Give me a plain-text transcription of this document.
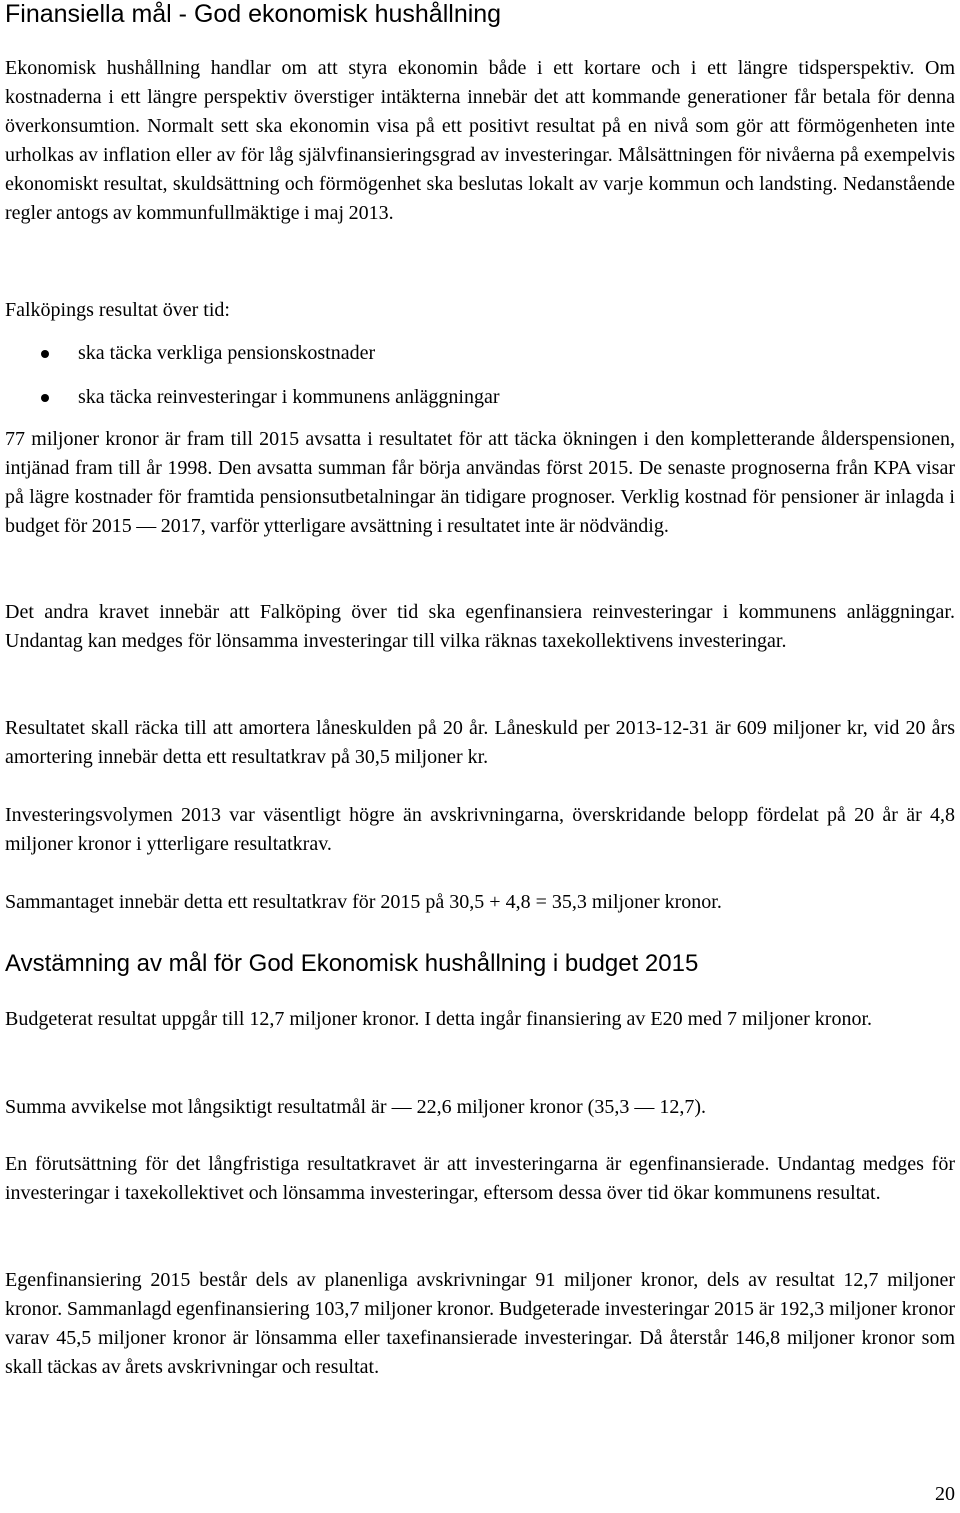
Finansiella mål - God ekonomisk hushållning

Ekonomisk hushållning handlar om att styra ekonomin både i ett kortare och i ett längre tidsperspektiv. Om kostnaderna i ett längre perspektiv överstiger intäkterna innebär det att kommande generationer får betala för denna överkonsumtion. Normalt sett ska ekonomin visa på ett positivt resultat på en nivå som gör att förmögenheten inte urholkas av inflation eller av för låg självfinansieringsgrad av investeringar. Målsättningen för nivåerna på exempelvis ekonomiskt resultat, skuldsättning och förmögenhet ska beslutas lokalt av varje kommun och landsting. Nedanstående regler antogs av kommunfullmäktige i maj 2013.

Falköpings resultat över tid:

ska täcka verkliga pensionskostnader
ska täcka reinvesteringar i kommunens anläggningar

77 miljoner kronor är fram till 2015 avsatta i resultatet för att täcka ökningen i den kompletterande ålderspensionen, intjänad fram till år 1998. Den avsatta summan får börja användas först 2015. De senaste prognoserna från KPA visar på lägre kostnader för framtida pensionsutbetalningar än tidigare prognoser. Verklig kostnad för pensioner är inlagda i budget för 2015 — 2017, varför ytterligare avsättning i resultatet inte är nödvändig.

Det andra kravet innebär att Falköping över tid ska egenfinansiera reinvesteringar i kommunens anläggningar. Undantag kan medges för lönsamma investeringar till vilka räknas taxekollektivens investeringar.

Resultatet skall räcka till att amortera låneskulden på 20 år. Låneskuld per 2013-12-31 är 609 miljoner kr, vid 20 års amortering innebär detta ett resultatkrav på 30,5 miljoner kr.

Investeringsvolymen 2013 var väsentligt högre än avskrivningarna, överskridande belopp fördelat på 20 år är 4,8 miljoner kronor i ytterligare resultatkrav.

Sammantaget innebär detta ett resultatkrav för 2015 på 30,5 + 4,8 = 35,3 miljoner kronor.

Avstämning av mål för God Ekonomisk hushållning i budget 2015

Budgeterat resultat uppgår till 12,7 miljoner kronor. I detta ingår finansiering av E20 med 7 miljoner kronor.

Summa avvikelse mot långsiktigt resultatmål är — 22,6 miljoner kronor (35,3 — 12,7).

En förutsättning för det långfristiga resultatkravet är att investeringarna är egenfinansierade. Undantag medges för investeringar i taxekollektivet och lönsamma investeringar, eftersom dessa över tid ökar kommunens resultat.

Egenfinansiering 2015 består dels av planenliga avskrivningar 91 miljoner kronor, dels av resultat 12,7 miljoner kronor. Sammanlagd egenfinansiering 103,7 miljoner kronor. Budgeterade investeringar 2015 är 192,3 miljoner kronor varav 45,5 miljoner kronor är lönsamma eller taxefinansierade investeringar. Då återstår 146,8 miljoner kronor som skall täckas av årets avskrivningar och resultat.

20
